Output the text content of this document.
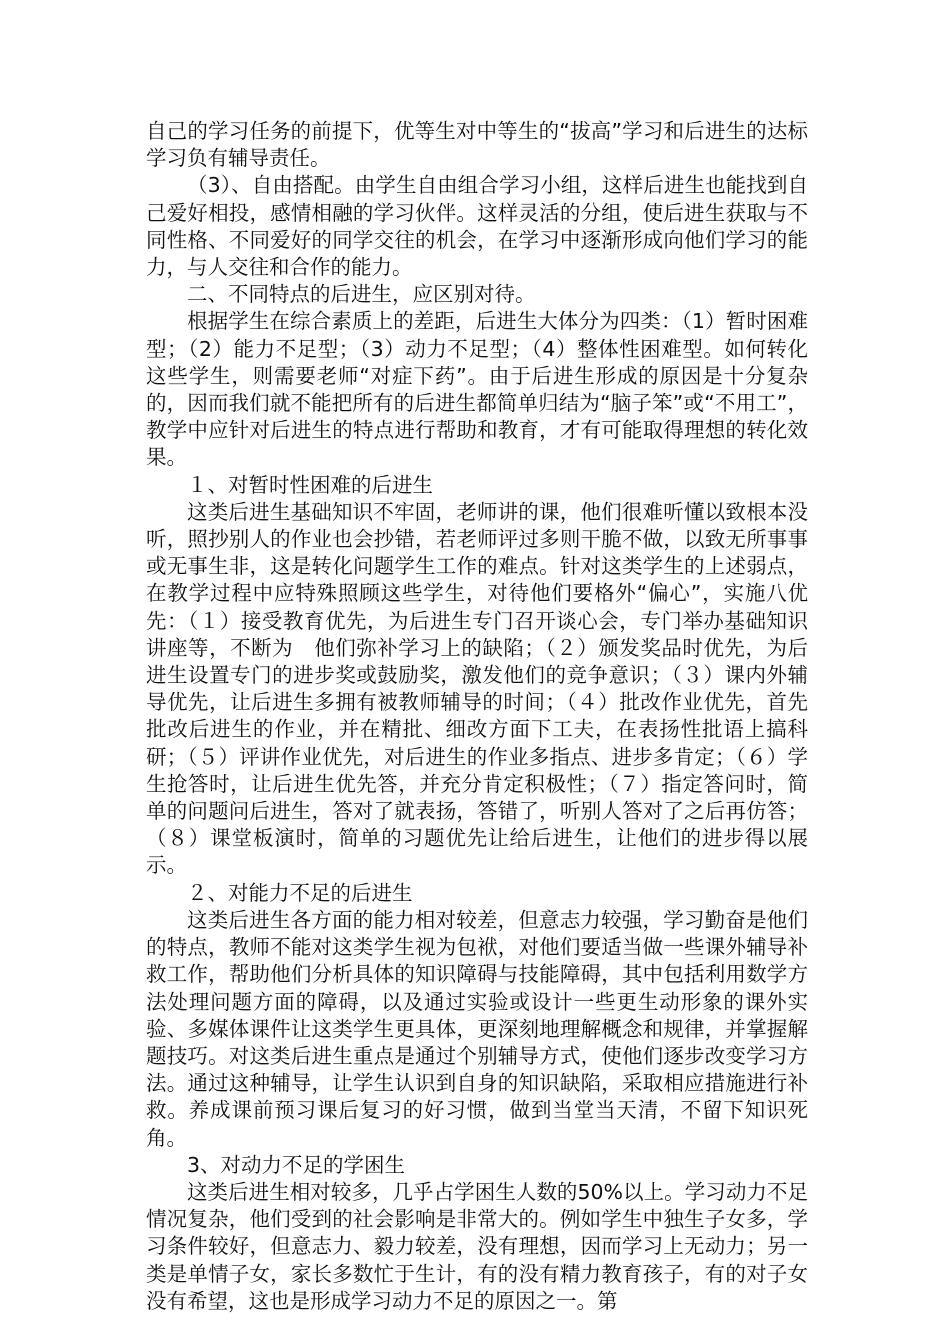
自己的学习任务的前提下，优等生对中等生的“拔高”学习和后进生的达标学习负有辅导责任。

（3）、自由搭配。由学生自由组合学习小组，这样后进生也能找到自己爱好相投，感情相融的学习伙伴。这样灵活的分组，使后进生获取与不同性格、不同爱好的同学交往的机会，在学习中逐渐形成向他们学习的能力，与人交往和合作的能力。

二、不同特点的后进生，应区别对待。

根据学生在综合素质上的差距，后进生大体分为四类：（1）暂时困难型；（2）能力不足型；（3）动力不足型；（4）整体性困难型。如何转化这些学生，则需要老师“对症下药”。由于后进生形成的原因是十分复杂的，因而我们就不能把所有的后进生都简单归结为“脑子笨”或“不用工”，教学中应针对后进生的特点进行帮助和教育，才有可能取得理想的转化效果。

１、对暂时性困难的后进生

这类后进生基础知识不牢固，老师讲的课，他们很难听懂以致根本没听，照抄别人的作业也会抄错，若老师评过多则干脆不做，以致无所事事或无事生非，这是转化问题学生工作的难点。针对这类学生的上述弱点，在教学过程中应特殊照顾这些学生，对待他们要格外“偏心”，实施八优先：（１）接受教育优先，为后进生专门召开谈心会，专门举办基础知识讲座等，不断为　他们弥补学习上的缺陷；（２）颁发奖品时优先，为后进生设置专门的进步奖或鼓励奖，激发他们的竞争意识；（３）课内外辅导优先，让后进生多拥有被教师辅导的时间；（４）批改作业优先，首先批改后进生的作业，并在精批、细改方面下工夫，在表扬性批语上搞科研；（５）评讲作业优先，对后进生的作业多指点、进步多肯定；（６）学生抢答时，让后进生优先答，并充分肯定积极性；（７）指定答问时，简单的问题问后进生，答对了就表扬，答错了，听别人答对了之后再仿答；（８）课堂板演时，简单的习题优先让给后进生，让他们的进步得以展示。

２、对能力不足的后进生

这类后进生各方面的能力相对较差，但意志力较强，学习勤奋是他们的特点，教师不能对这类学生视为包袱，对他们要适当做一些课外辅导补救工作，帮助他们分析具体的知识障碍与技能障碍，其中包括利用数学方法处理问题方面的障碍，以及通过实验或设计一些更生动形象的课外实验、多媒体课件让这类学生更具体，更深刻地理解概念和规律，并掌握解题技巧。对这类后进生重点是通过个别辅导方式，使他们逐步改变学习方法。通过这种辅导，让学生认识到自身的知识缺陷，采取相应措施进行补救。养成课前预习课后复习的好习惯，做到当堂当天清，不留下知识死角。

3、对动力不足的学困生

这类后进生相对较多，几乎占学困生人数的50%以上。学习动力不足情况复杂，他们受到的社会影响是非常大的。例如学生中独生子女多，学习条件较好，但意志力、毅力较差，没有理想，因而学习上无动力；另一类是单情子女，家长多数忙于生计，有的没有精力教育孩子，有的对子女没有希望，这也是形成学习动力不足的原因之一。第
